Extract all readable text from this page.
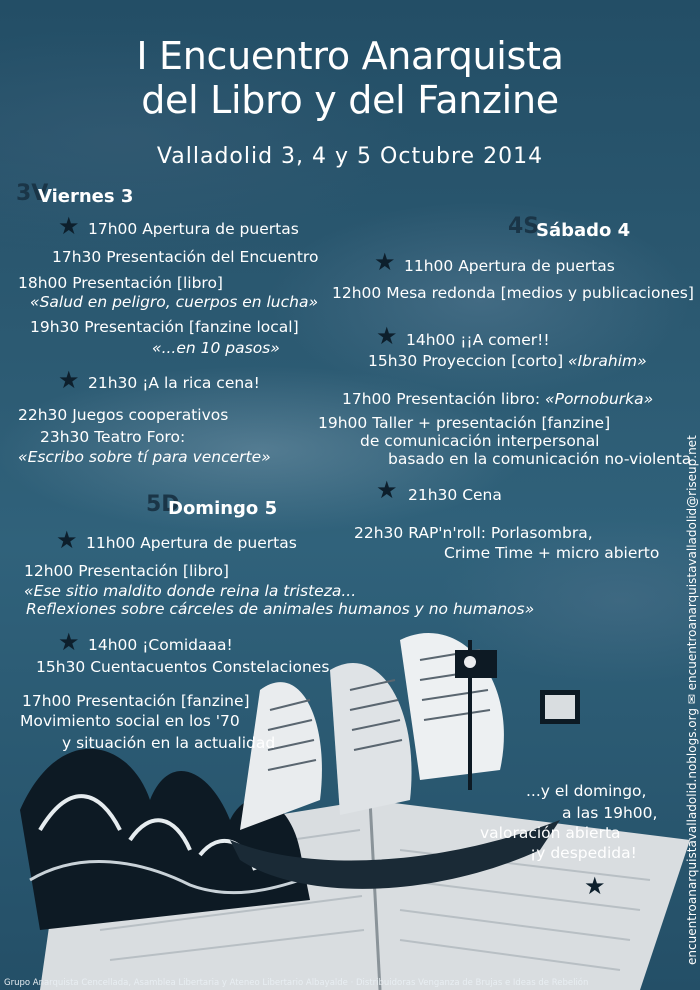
I Encuentro Anarquista
del Libro y del Fanzine
Valladolid 3, 4 y 5 Octubre 2014
3V
Viernes 3
★ 17h00 Apertura de puertas
17h30 Presentación del Encuentro
18h00 Presentación [libro]
«Salud en peligro, cuerpos en lucha»
19h30 Presentación [fanzine local]
«...en 10 pasos»
★ 21h30 ¡A la rica cena!
22h30 Juegos cooperativos
23h30 Teatro Foro:
«Escribo sobre tí para vencerte»
4S
Sábado 4
★ 11h00 Apertura de puertas
12h00 Mesa redonda [medios y publicaciones]
★ 14h00 ¡¡A comer!!
15h30 Proyeccion [corto] «Ibrahim»
17h00 Presentación libro: «Pornoburka»
19h00 Taller + presentación [fanzine]
de comunicación interpersonal
basado en la comunicación no-violenta
★ 21h30 Cena
22h30 RAP'n'roll: Porlasombra,
Crime Time + micro abierto
5D
Domingo 5
★ 11h00 Apertura de puertas
12h00 Presentación [libro]
«Ese sitio maldito donde reina la tristeza...
Reflexiones sobre cárceles de animales humanos y no humanos»
★ 14h00 ¡Comidaaa!
15h30 Cuentacuentos Constelaciones
17h00 Presentación [fanzine]
Movimiento social en los '70
y situación en la actualidad
...y el domingo,
a las 19h00,
valoración abierta
¡y despedida!
★	encuentroanarquistavalladolid.noblogs.org ✉ encuentroanarquistavalladolid@riseup.net
Grupo Anarquista Cencellada, Asamblea Libertaria y Ateneo Libertario Albayalde · Distribuidoras Venganza de Brujas e Ideas de Rebelión
